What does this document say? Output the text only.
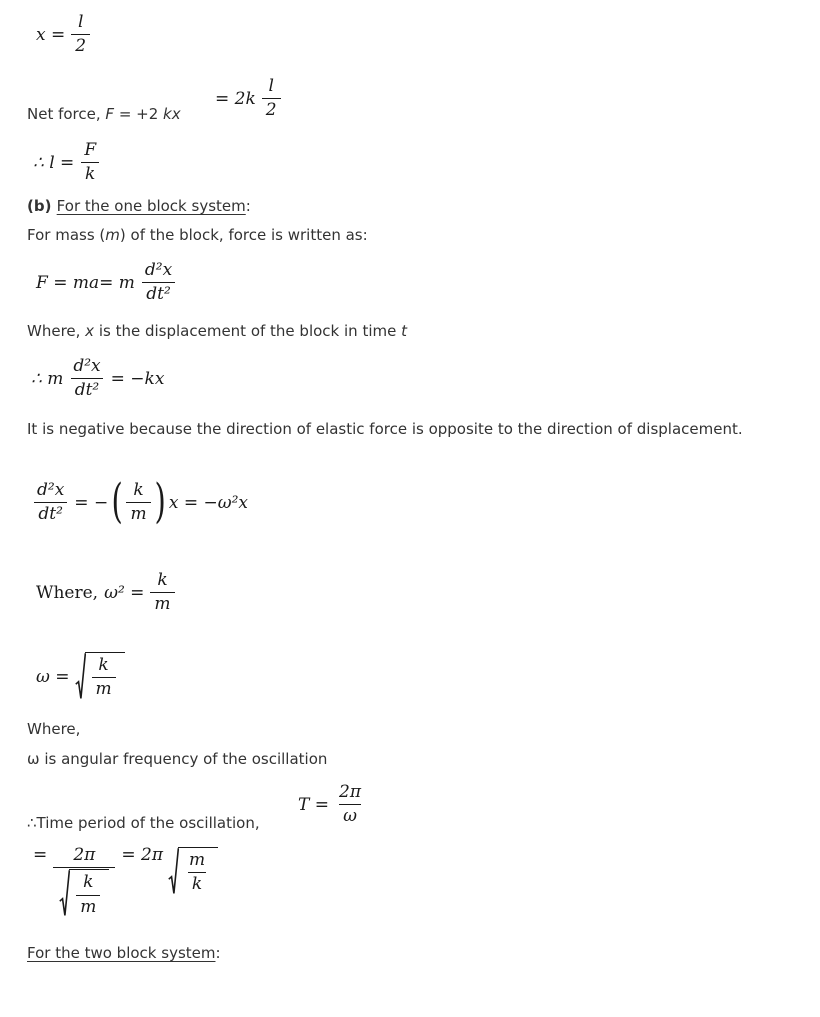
$x = \frac{l}{2}$
Net force, F = +2 kx
= $2k \frac{l}{2}$
∴ $l = \frac{F}{k}$
(b) For the one block system:
For mass (m) of the block, force is written as:
F = ma= m $\frac{\text{d²x}}{\text{dt²}}$
Where, x is the displacement of the block in time t
∴ m $\frac{\text{d²x}}{\text{dt²}} = -kx$
It is negative because the direction of elastic force is opposite to the direction of displacement.
$\frac{\text{d²x}}{\text{dt²}}$ = − ( $\frac{k}{m}$ ) x = −ω²x
Where, $\omega^2 = \frac{k}{m}$
$\omega = \frac{k}{m}$
Where,
ω is angular frequency of the oscillation
∴Time period of the oscillation,
$T = \frac{2\pi}{\omega}$
= $\frac{2\pi}{\frac{k}{m}} = 2\pi \frac{m}{k}$
For the two block system:
